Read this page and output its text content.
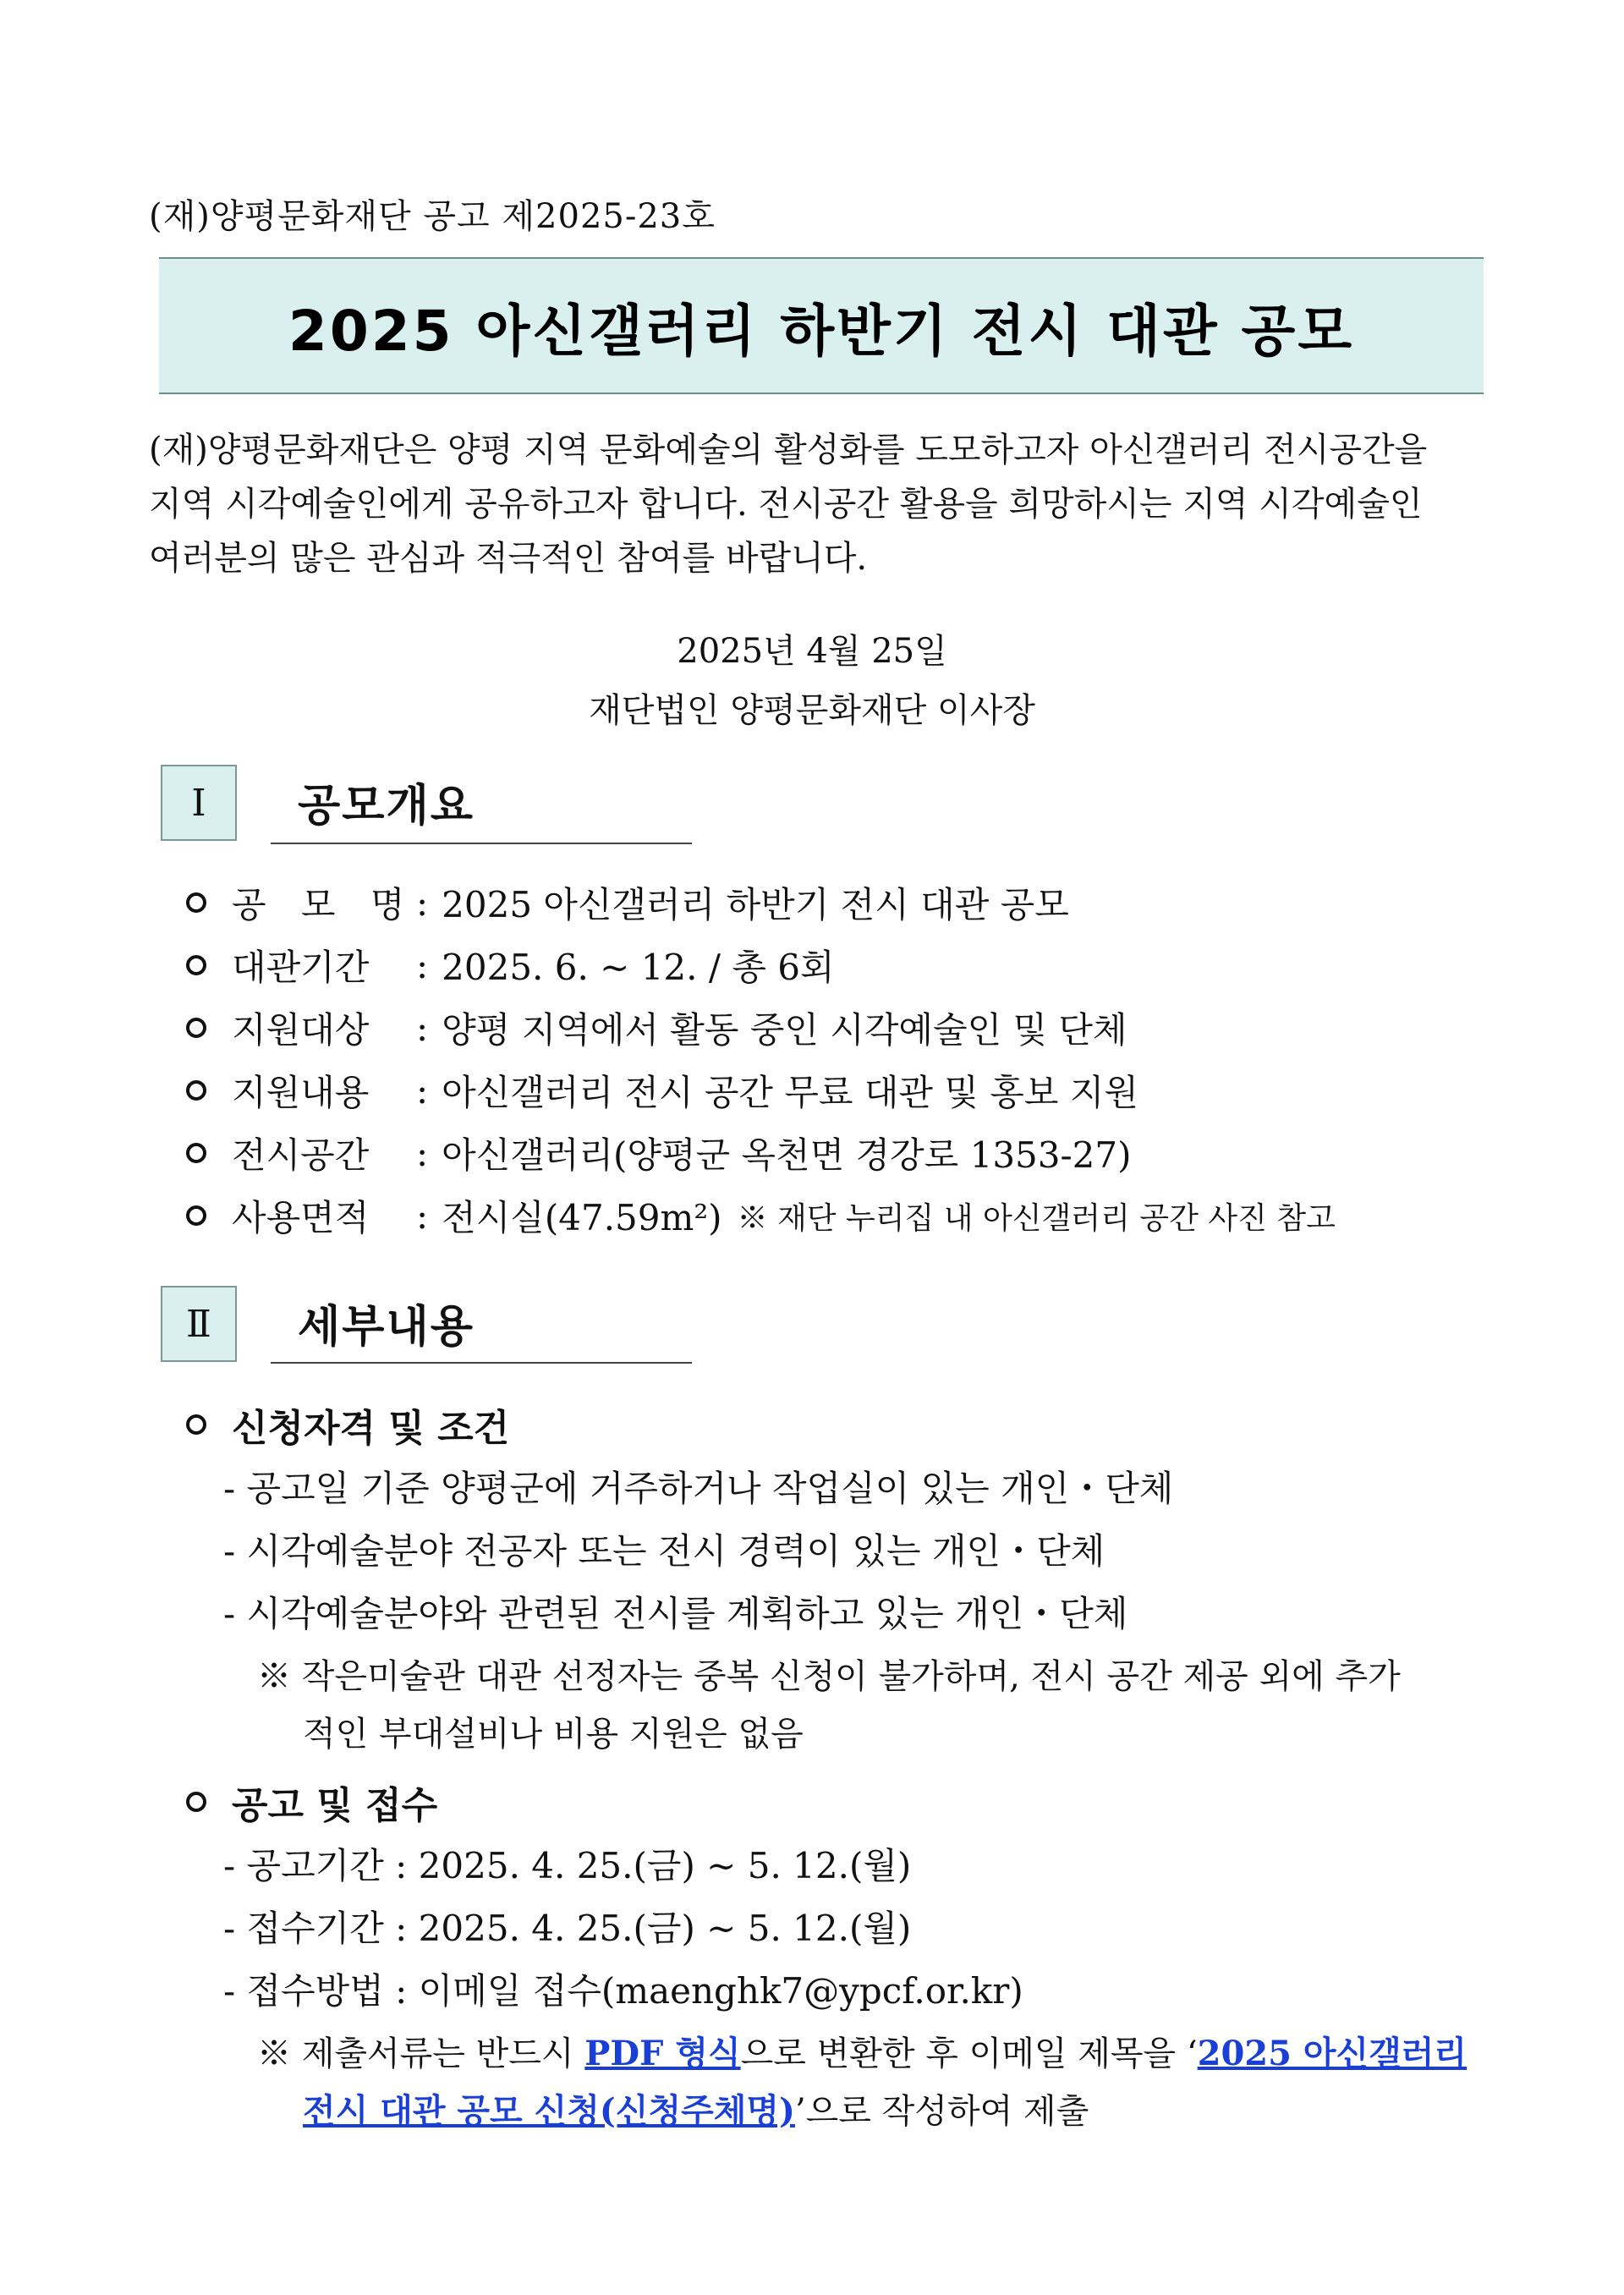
(재)양평문화재단 공고 제2025-23호
2025 아신갤러리 하반기 전시 대관 공모

(재)양평문화재단은 양평 지역 문화예술의 활성화를 도모하고자 아신갤러리 전시공간을

지역 시각예술인에게 공유하고자 합니다. 전시공간 활용을 희망하시는 지역 시각예술인

여러분의 많은 관심과 적극적인 참여를 바랍니다.

2025년 4월 25일
재단법인 양평문화재단 이사장
Ⅰ	공모개요
공 모 명 : 2025 아신갤러리 하반기 전시 대관 공모
대관기간	: 2025. 6. ~ 12. / 총 6회
지원대상	: 양평 지역에서 활동 중인 시각예술인 및 단체
지원내용	: 아신갤러리 전시 공간 무료 대관 및 홍보 지원
전시공간	: 아신갤러리(양평군 옥천면 경강로 1353-27)
사용면적	: 전시실(47.59m²) ※ 재단 누리집 내 아신갤러리 공간 사진 참고
Ⅱ	세부내용
신청자격 및 조건
- 공고일 기준 양평군에 거주하거나 작업실이 있는 개인・단체
- 시각예술분야 전공자 또는 전시 경력이 있는 개인・단체
- 시각예술분야와 관련된 전시를 계획하고 있는 개인・단체
※ 작은미술관 대관 선정자는 중복 신청이 불가하며, 전시 공간 제공 외에 추가
적인 부대설비나 비용 지원은 없음
공고 및 접수
- 공고기간 : 2025. 4. 25.(금) ~ 5. 12.(월)
- 접수기간 : 2025. 4. 25.(금) ~ 5. 12.(월)
- 접수방법 : 이메일 접수(maenghk7@ypcf.or.kr)
※ 제출서류는 반드시 PDF 형식으로 변환한 후 이메일 제목을 ‘2025 아신갤러리
전시 대관 공모 신청(신청주체명)’으로 작성하여 제출
